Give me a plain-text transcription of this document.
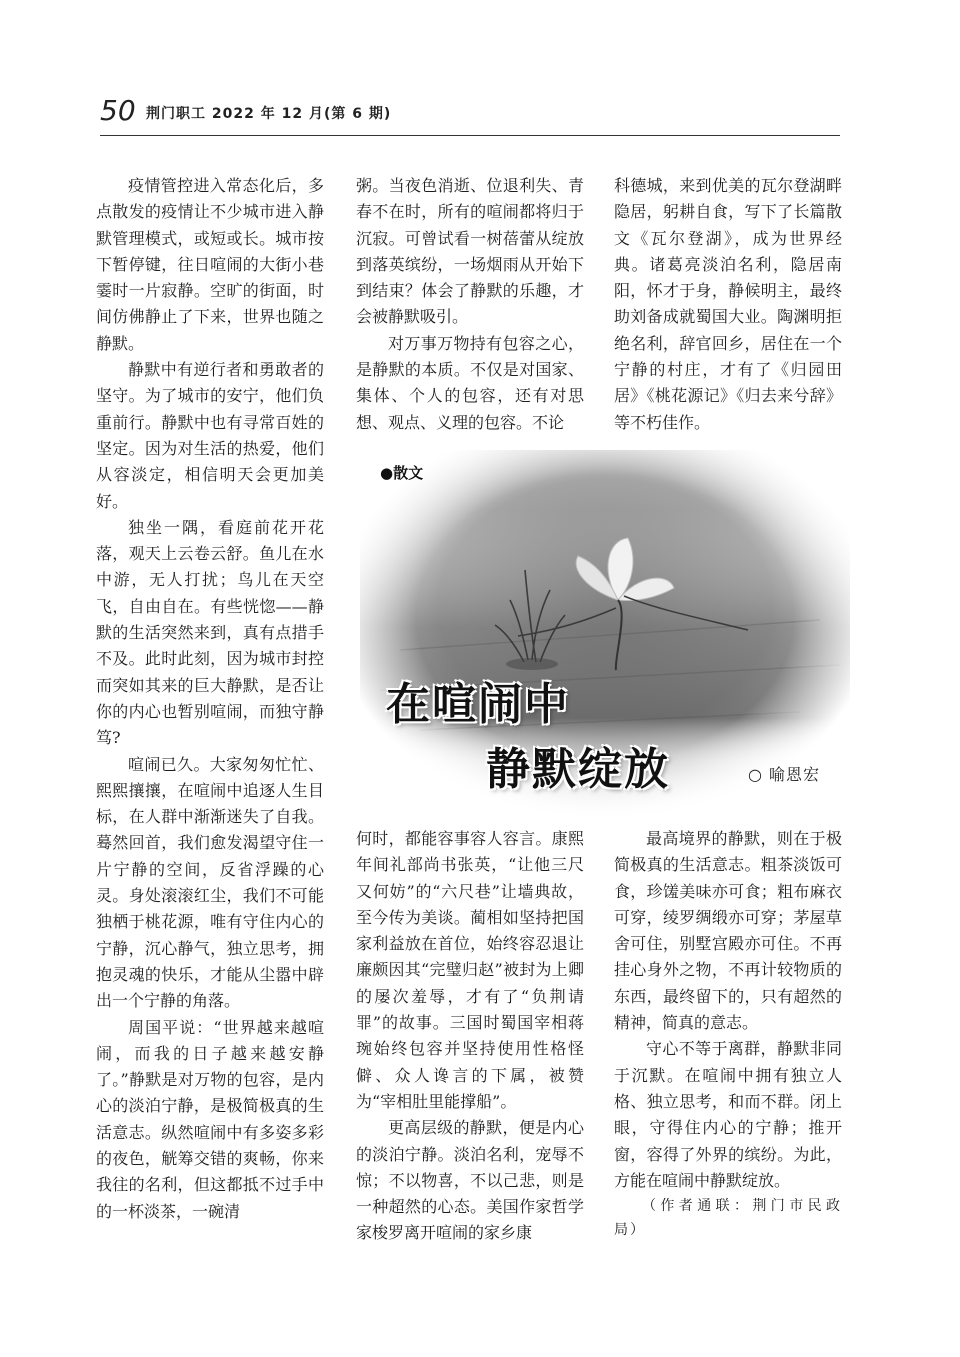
50 荆门职工 2022 年 12 月(第 6 期)

疫情管控进入常态化后，多点散发的疫情让不少城市进入静默管理模式，或短或长。城市按下暂停键，往日喧闹的大街小巷霎时一片寂静。空旷的街面，时间仿佛静止了下来，世界也随之静默。

静默中有逆行者和勇敢者的坚守。为了城市的安宁，他们负重前行。静默中也有寻常百姓的坚定。因为对生活的热爱，他们从容淡定，相信明天会更加美好。

独坐一隅，看庭前花开花落，观天上云卷云舒。鱼儿在水中游，无人打扰；鸟儿在天空飞，自由自在。有些恍惚——静默的生活突然来到，真有点措手不及。此时此刻，因为城市封控而突如其来的巨大静默，是否让你的内心也暂别喧闹，而独守静笃?

喧闹已久。大家匆匆忙忙、熙熙攘攘，在喧闹中追逐人生目标，在人群中渐渐迷失了自我。蓦然回首，我们愈发渴望守住一片宁静的空间，反省浮躁的心灵。身处滚滚红尘，我们不可能独栖于桃花源，唯有守住内心的宁静，沉心静气，独立思考，拥抱灵魂的快乐，才能从尘嚣中辟出一个宁静的角落。

周国平说：“世界越来越喧闹，而我的日子越来越安静了。”静默是对万物的包容，是内心的淡泊宁静，是极简极真的生活意志。纵然喧闹中有多姿多彩的夜色，觥筹交错的爽畅，你来我往的名利，但这都抵不过手中的一杯淡茶，一碗清

粥。当夜色消逝、位退利失、青春不在时，所有的喧闹都将归于沉寂。可曾试看一树蓓蕾从绽放到落英缤纷，一场烟雨从开始下到结束？体会了静默的乐趣，才会被静默吸引。

对万事万物持有包容之心，是静默的本质。不仅是对国家、集体、个人的包容，还有对思想、观点、义理的包容。不论

科德城，来到优美的瓦尔登湖畔隐居，躬耕自食，写下了长篇散文《瓦尔登湖》，成为世界经典。诸葛亮淡泊名利，隐居南阳，怀才于身，静候明主，最终助刘备成就蜀国大业。陶渊明拒绝名利，辞官回乡，居住在一个宁静的村庄，才有了《归园田居》《桃花源记》《归去来兮辞》等不朽佳作。

●散文
在喧闹中
静默绽放	○ 喻恩宏

何时，都能容事容人容言。康熙年间礼部尚书张英，“让他三尺又何妨”的“六尺巷”让墙典故，至今传为美谈。蔺相如坚持把国家利益放在首位，始终容忍退让廉颇因其“完璧归赵”被封为上卿的屡次羞辱，才有了“负荆请罪”的故事。三国时蜀国宰相蒋琬始终包容并坚持使用性格怪僻、众人谗言的下属，被赞为“宰相肚里能撑船”。

更高层级的静默，便是内心的淡泊宁静。淡泊名利，宠辱不惊；不以物喜，不以己悲，则是一种超然的心态。美国作家哲学家梭罗离开喧闹的家乡康

最高境界的静默，则在于极简极真的生活意志。粗茶淡饭可食，珍馐美味亦可食；粗布麻衣可穿，绫罗绸缎亦可穿；茅屋草舍可住，别墅宫殿亦可住。不再挂心身外之物，不再计较物质的东西，最终留下的，只有超然的精神，简真的意志。

守心不等于离群，静默非同于沉默。在喧闹中拥有独立人格、独立思考，和而不群。闭上眼，守得住内心的宁静；推开窗，容得了外界的缤纷。为此，方能在喧闹中静默绽放。

（作者通联：荆门市民政局）
